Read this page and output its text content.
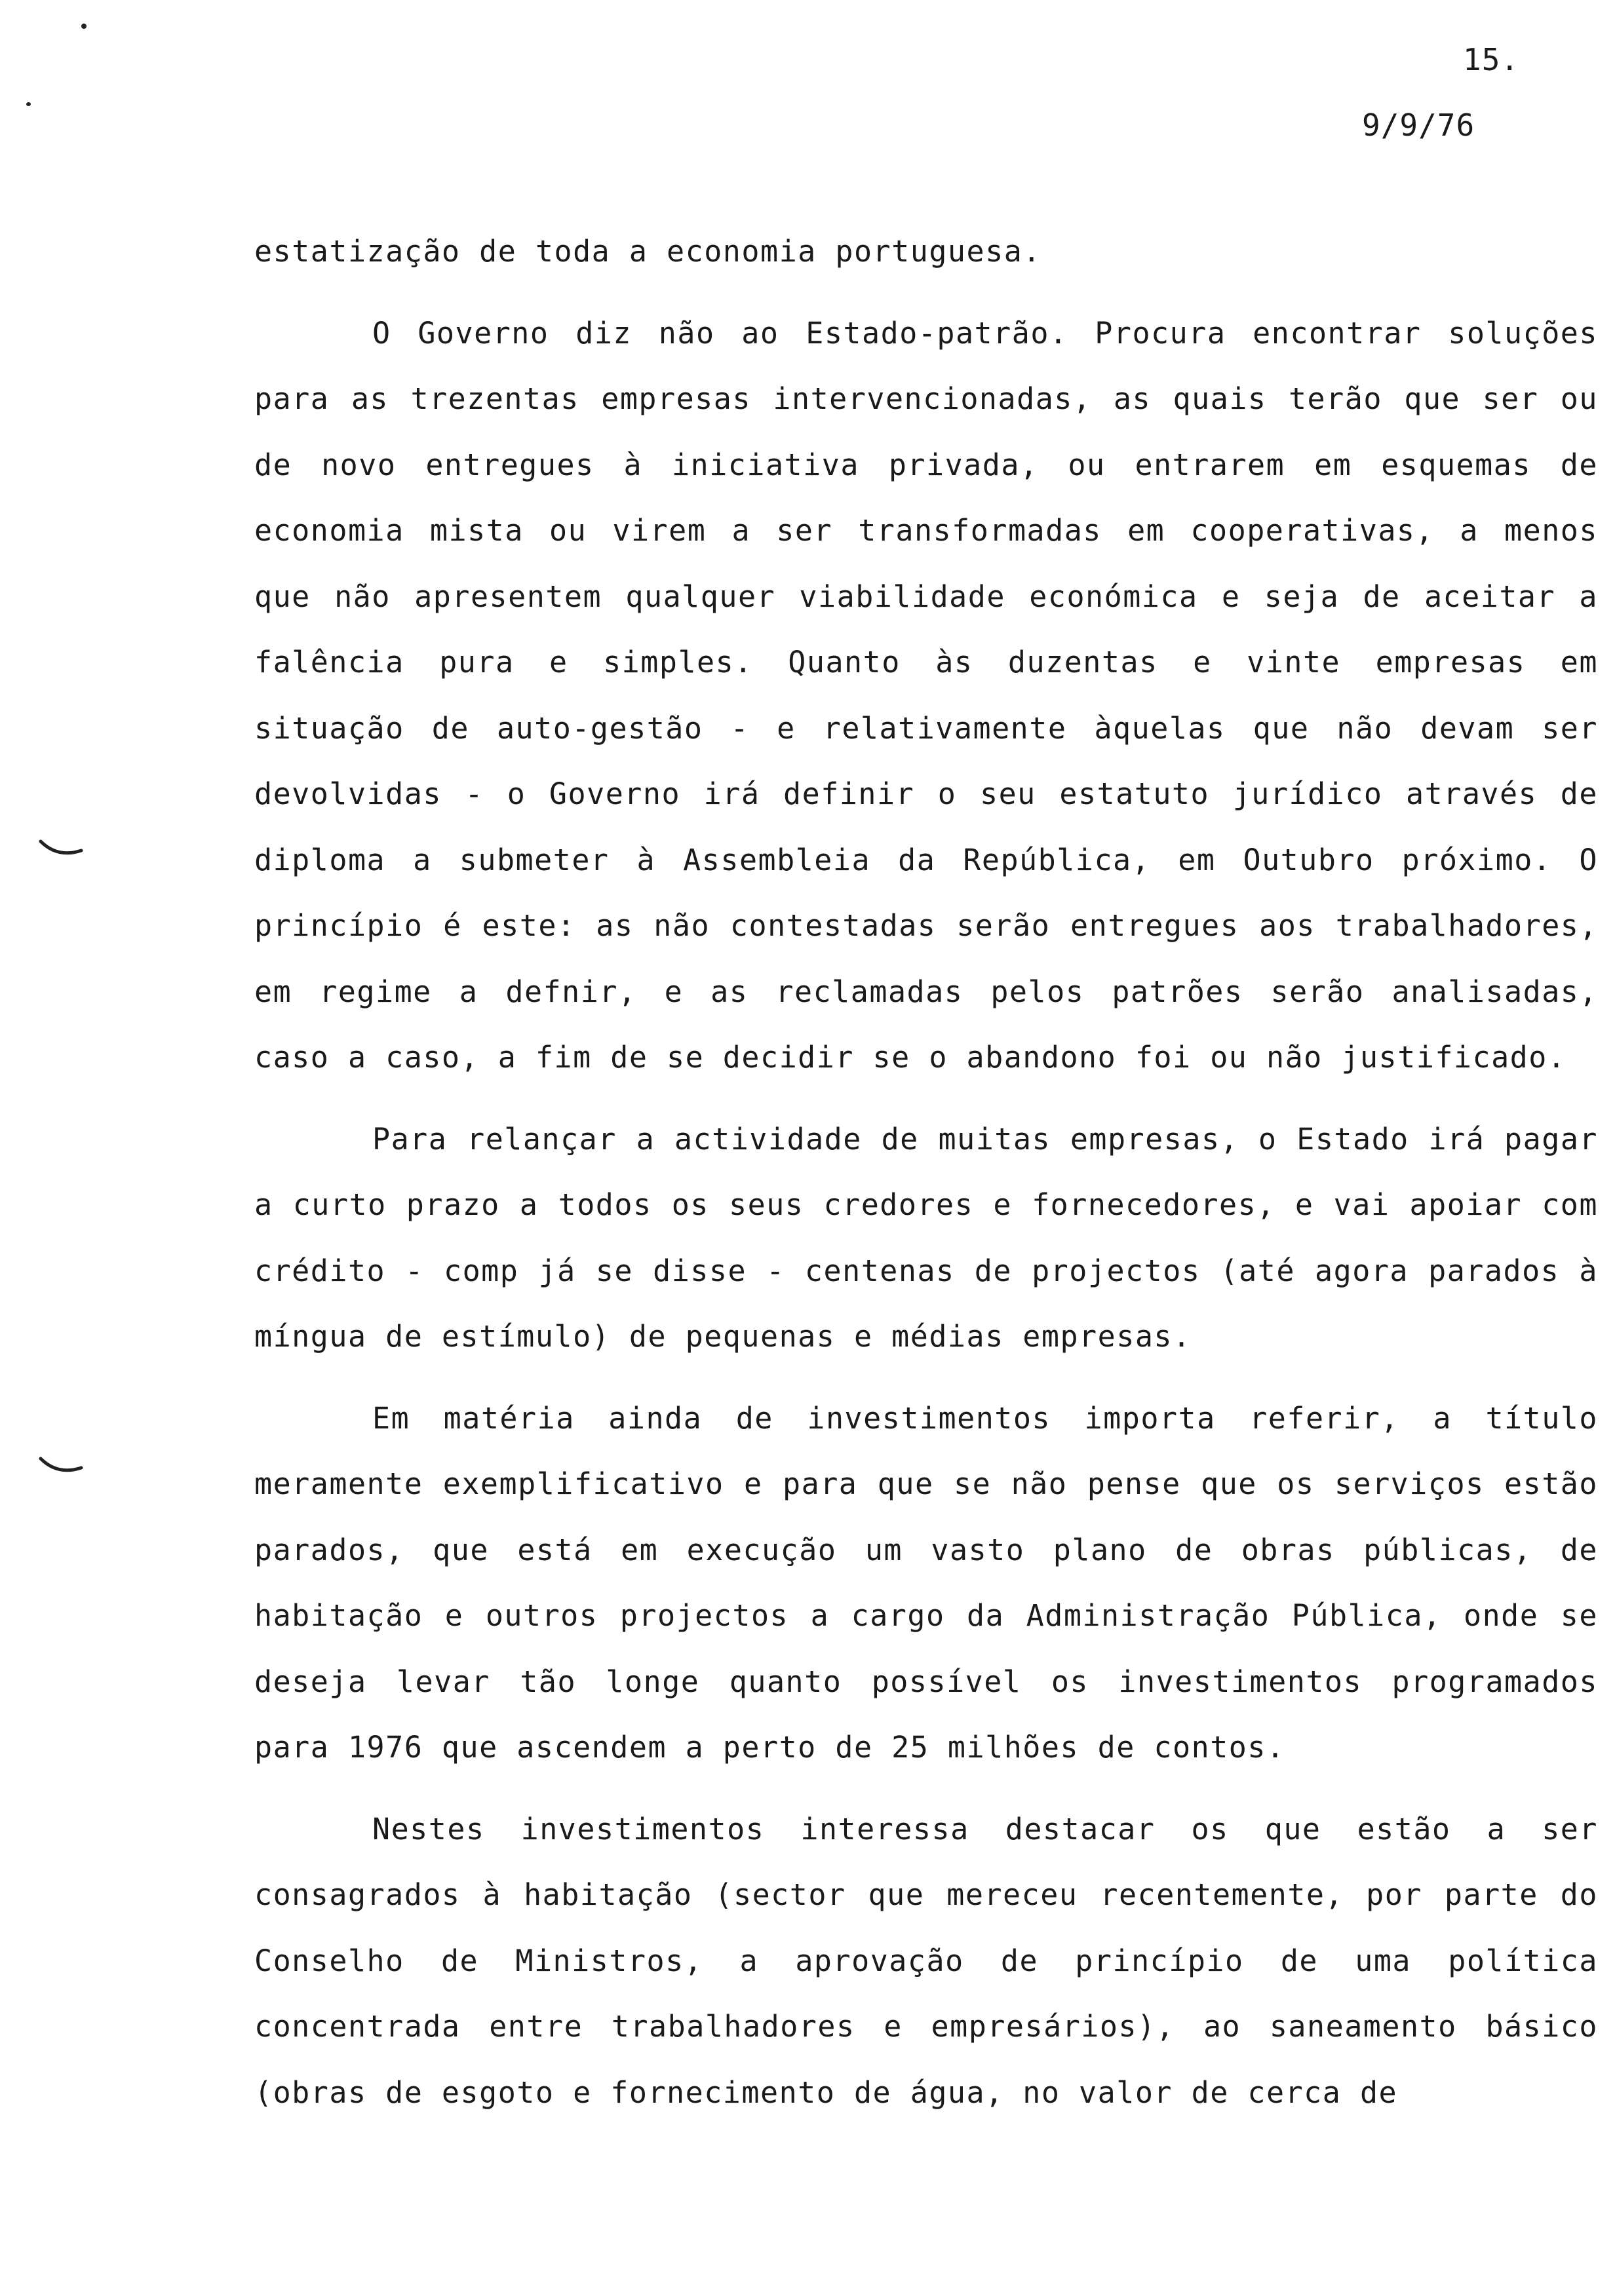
15.
9/9/76

estatização de toda a economia portuguesa.

O Governo diz não ao Estado-patrão. Procura encontrar soluções para as trezentas empresas intervencionadas, as quais terão que ser ou de novo entregues à iniciativa privada, ou entrarem em esquemas de economia mista ou virem a ser transformadas em cooperativas, a menos que não apresentem qualquer viabilidade económica e seja de aceitar a falência pura e simples. Quanto às duzentas e vinte empresas em situação de auto-gestão - e relativamente àquelas que não devam ser devolvidas - o Governo irá definir o seu estatuto jurídico através de diploma a submeter à Assembleia da República, em Outubro próximo. O princípio é este: as não contestadas serão entregues aos trabalhadores, em regime a defnir, e as reclamadas pelos patrões serão analisadas, caso a caso, a fim de se decidir se o abandono foi ou não justificado.

Para relançar a actividade de muitas empresas, o Estado irá pagar a curto prazo a todos os seus credores e fornecedores, e vai apoiar com crédito - comp já se disse - centenas de projectos (até agora parados à míngua de estímulo) de pequenas e médias empresas.

Em matéria ainda de investimentos importa referir, a título meramente exemplificativo e para que se não pense que os serviços estão parados, que está em execução um vasto plano de obras públicas, de habitação e outros projectos a cargo da Administração Pública, onde se deseja levar tão longe quanto possível os investimentos programados para 1976 que ascendem a perto de 25 milhões de contos.

Nestes investimentos interessa destacar os que estão a ser consagrados à habitação (sector que mereceu recentemente, por parte do Conselho de Ministros, a aprovação de princípio de uma política concentrada entre trabalhadores e empresários), ao saneamento básico (obras de esgoto e fornecimento de água, no valor de cerca de
